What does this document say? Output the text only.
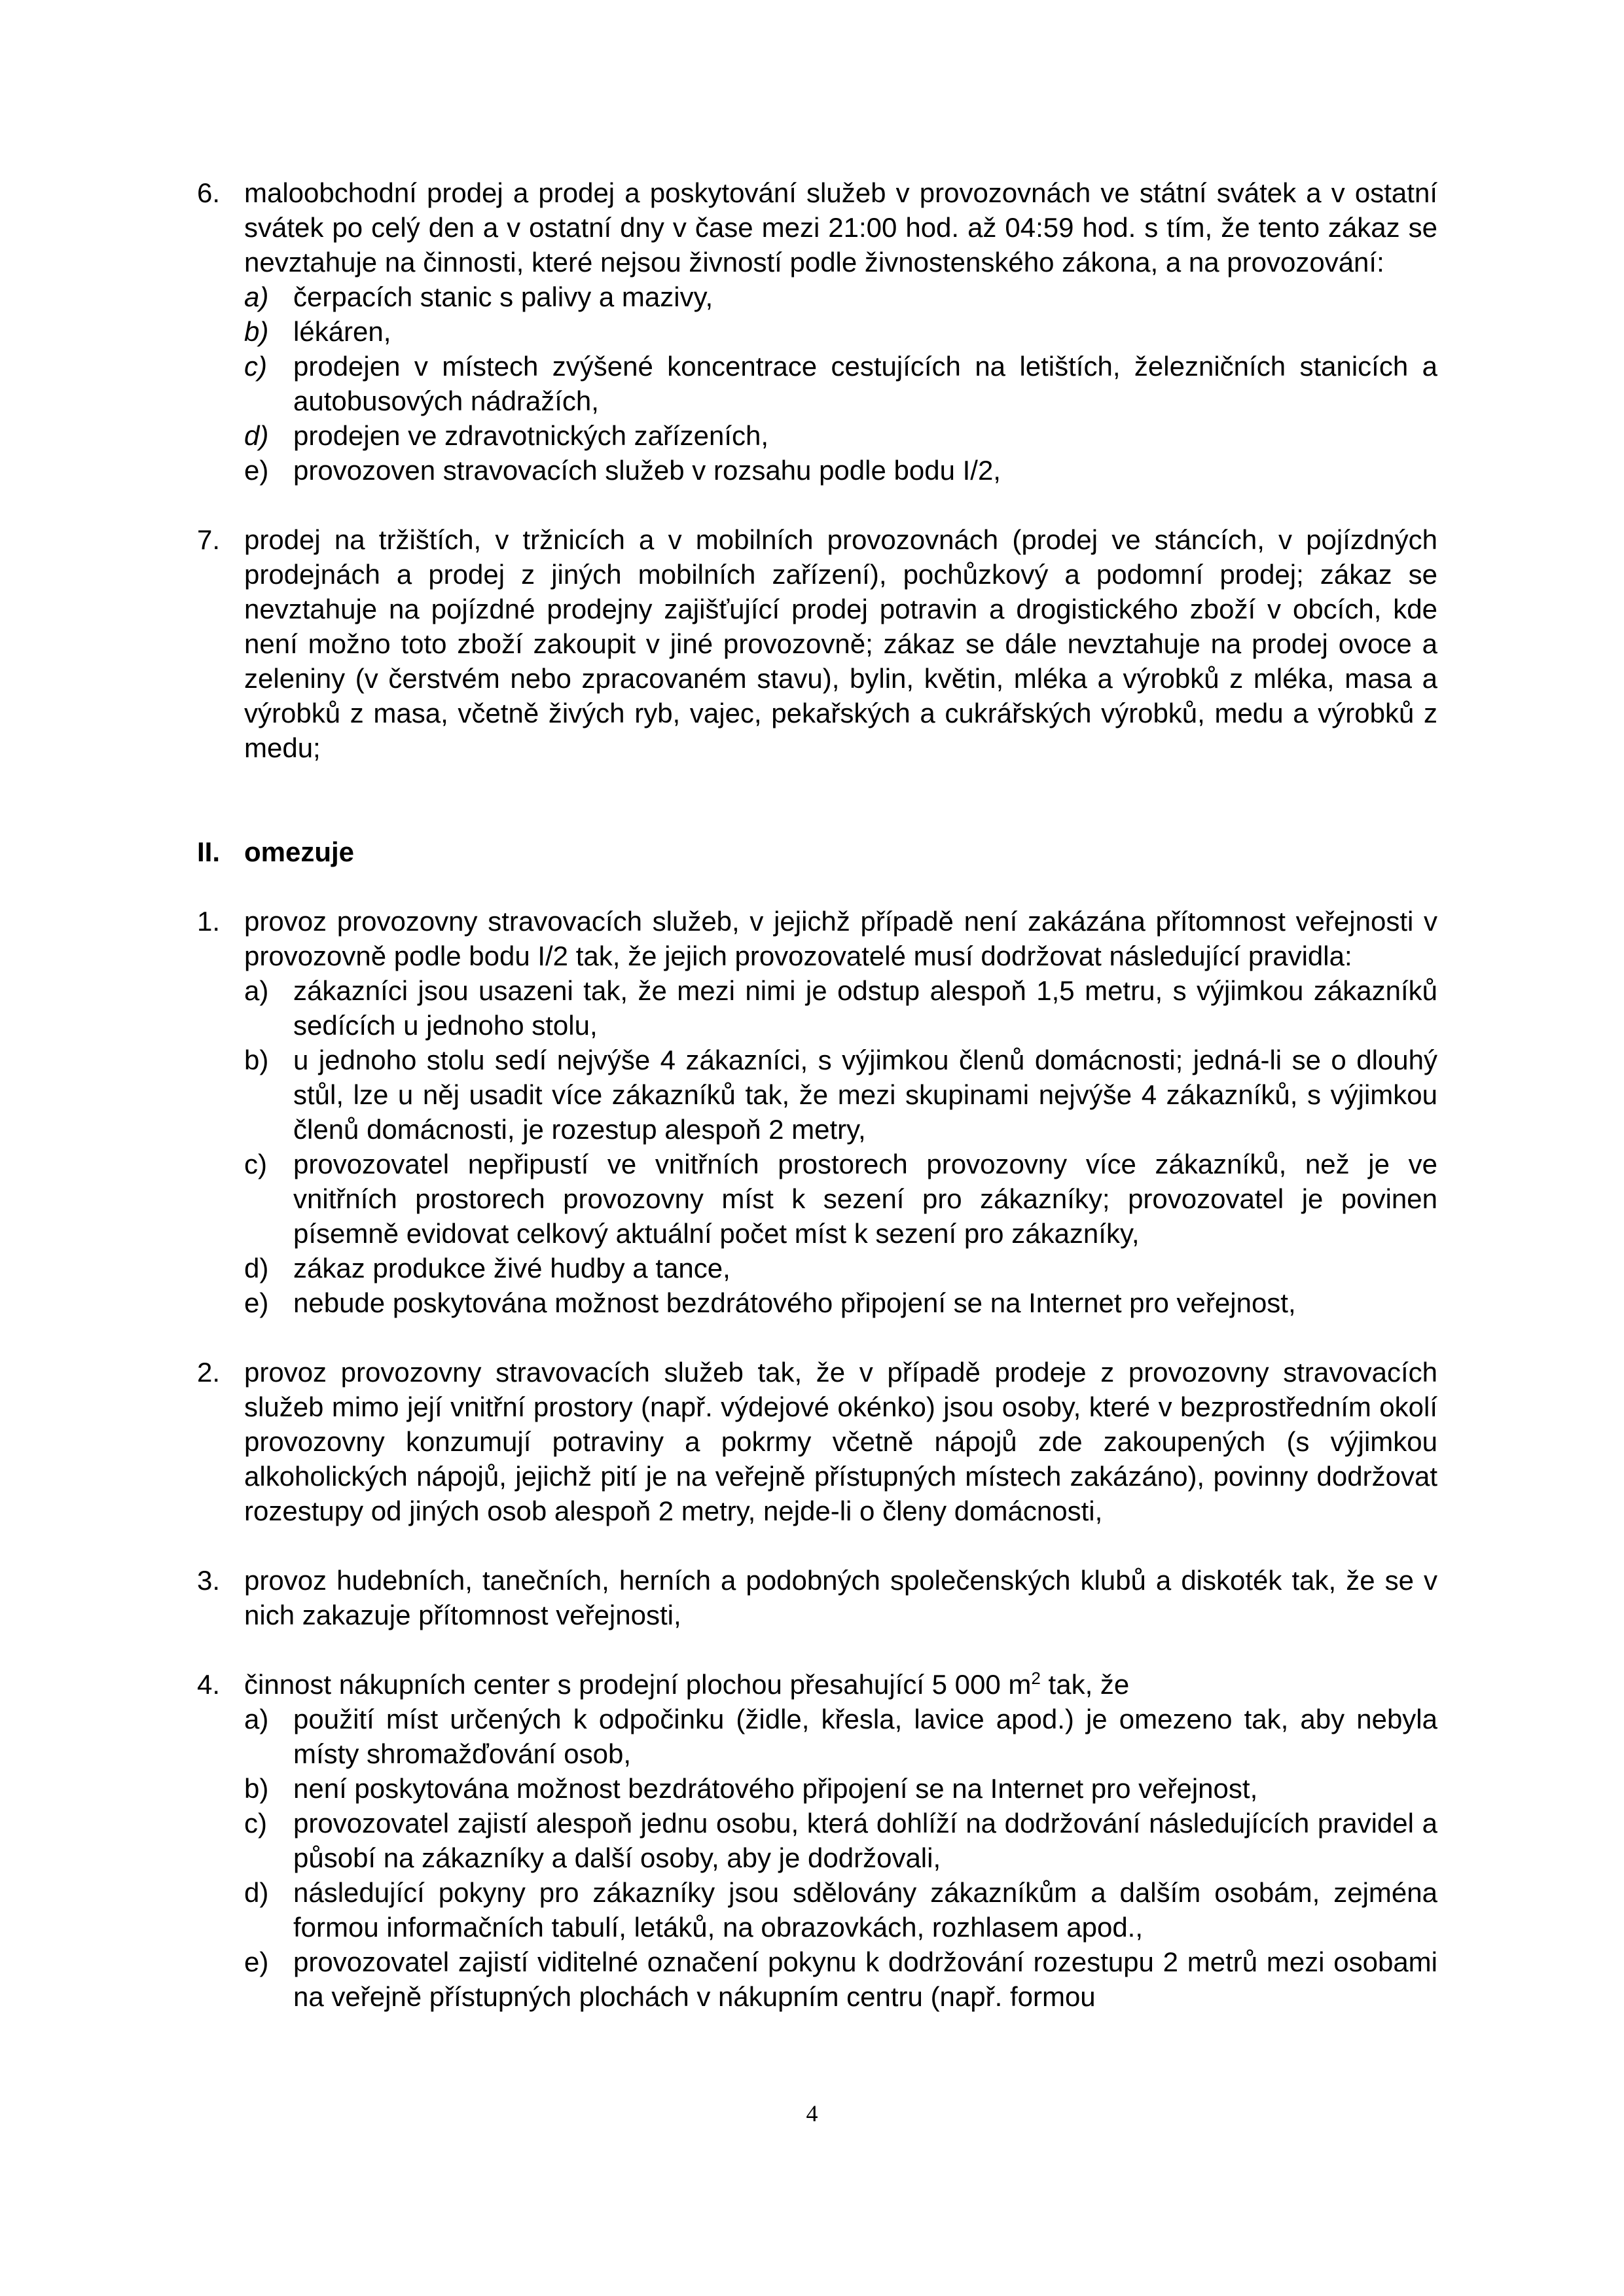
6. maloobchodní prodej a prodej a poskytování služeb v provozovnách ve státní svátek a v ostatní svátek po celý den a v ostatní dny v čase mezi 21:00 hod. až 04:59 hod. s tím, že tento zákaz se nevztahuje na činnosti, které nejsou živností podle živnostenského zákona, a na provozování:

a) čerpacích stanic s palivy a mazivy,

b) lékáren,

c) prodejen v místech zvýšené koncentrace cestujících na letištích, železničních stanicích a autobusových nádražích,

d) prodejen ve zdravotnických zařízeních,

e) provozoven stravovacích služeb v rozsahu podle bodu I/2,

7. prodej na tržištích, v tržnicích a v mobilních provozovnách (prodej ve stáncích, v pojízdných prodejnách a prodej z jiných mobilních zařízení), pochůzkový a podomní prodej; zákaz se nevztahuje na pojízdné prodejny zajišťující prodej potravin a drogistického zboží v obcích, kde není možno toto zboží zakoupit v jiné provozovně; zákaz se dále nevztahuje na prodej ovoce a zeleniny (v čerstvém nebo zpracovaném stavu), bylin, květin, mléka a výrobků z mléka, masa a výrobků z masa, včetně živých ryb, vajec, pekařských a cukrářských výrobků, medu a výrobků z medu;

II. omezuje
1. provoz provozovny stravovacích služeb, v jejichž případě není zakázána přítomnost veřejnosti v provozovně podle bodu I/2 tak, že jejich provozovatelé musí dodržovat následující pravidla:

a) zákazníci jsou usazeni tak, že mezi nimi je odstup alespoň 1,5 metru, s výjimkou zákazníků sedících u jednoho stolu,

b) u jednoho stolu sedí nejvýše 4 zákazníci, s výjimkou členů domácnosti; jedná-li se o dlouhý stůl, lze u něj usadit více zákazníků tak, že mezi skupinami nejvýše 4 zákazníků, s výjimkou členů domácnosti, je rozestup alespoň 2 metry,

c) provozovatel nepřipustí ve vnitřních prostorech provozovny více zákazníků, než je ve vnitřních prostorech provozovny míst k sezení pro zákazníky; provozovatel je povinen písemně evidovat celkový aktuální počet míst k sezení pro zákazníky,

d) zákaz produkce živé hudby a tance,

e) nebude poskytována možnost bezdrátového připojení se na Internet pro veřejnost,

2. provoz provozovny stravovacích služeb tak, že v případě prodeje z provozovny stravovacích služeb mimo její vnitřní prostory (např. výdejové okénko) jsou osoby, které v bezprostředním okolí provozovny konzumují potraviny a pokrmy včetně nápojů zde zakoupených (s výjimkou alkoholických nápojů, jejichž pití je na veřejně přístupných místech zakázáno), povinny dodržovat rozestupy od jiných osob alespoň 2 metry, nejde-li o členy domácnosti,

3. provoz hudebních, tanečních, herních a podobných společenských klubů a diskoték tak, že se v nich zakazuje přítomnost veřejnosti,

4. činnost nákupních center s prodejní plochou přesahující 5 000 $m^2$ tak, že

a) použití míst určených k odpočinku (židle, křesla, lavice apod.) je omezeno tak, aby nebyla místy shromažďování osob,

b) není poskytována možnost bezdrátového připojení se na Internet pro veřejnost,

c) provozovatel zajistí alespoň jednu osobu, která dohlíží na dodržování následujících pravidel a působí na zákazníky a další osoby, aby je dodržovali,

d) následující pokyny pro zákazníky jsou sdělovány zákazníkům a dalším osobám, zejména formou informačních tabulí, letáků, na obrazovkách, rozhlasem apod.,

e) provozovatel zajistí viditelné označení pokynu k dodržování rozestupu 2 metrů mezi osobami na veřejně přístupných plochách v nákupním centru (např. formou

4
